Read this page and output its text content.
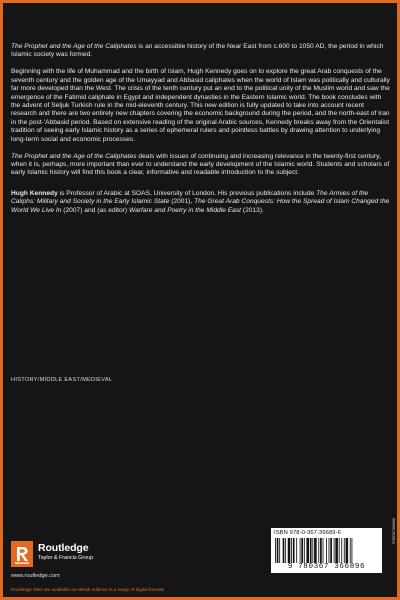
The Prophet and the Age of the Caliphates is an accessible history of the Near East from c.600 to 1050 AD, the period in which Islamic society was formed.

Beginning with the life of Muhammad and the birth of Islam, Hugh Kennedy goes on to explore the great Arab conquests of the seventh century and the golden age of the Umayyad and Abbasid caliphates when the world of Islam was politically and culturally far more developed than the West. The crisis of the tenth century put an end to the political unity of the Muslim world and saw the emergence of the Fatimid caliphate in Egypt and independent dynasties in the Eastern Islamic world. The book concludes with the advent of Seljuk Turkish rule in the mid-eleventh century. This new edition is fully updated to take into account recent research and there are two entirely new chapters covering the economic background during the period, and the north-east of Iran in the post-'Abbasid period. Based on extensive reading of the original Arabic sources, Kennedy breaks away from the Orientalist tradition of seeing early Islamic history as a series of ephemeral rulers and pointless battles by drawing attention to underlying long-term social and economic processes.

The Prophet and the Age of the Caliphates deals with issues of continuing and increasing relevance in the twenty-first century, when it is, perhaps, more important than ever to understand the early development of the Islamic world. Students and scholars of early Islamic history will find this book a clear, informative and readable introduction to the subject.

Hugh Kennedy is Professor of Arabic at SOAS, University of London. His previous publications include The Armies of the Caliphs: Military and Society in the Early Islamic State (2001), The Great Arab Conquests: How the Spread of Islam Changed the World We Live In (2007) and (as editor) Warfare and Poetry in the Middle East (2013).

HISTORY/MIDDLE EAST/MEDIEVAL
Routledge
Taylor & Francis Group
www.routledge.com
Routledge titles are available as eBook editions in a range of digital formats
ISBN 978-0-367-36689-6
9 780367 366896
9780367366896
